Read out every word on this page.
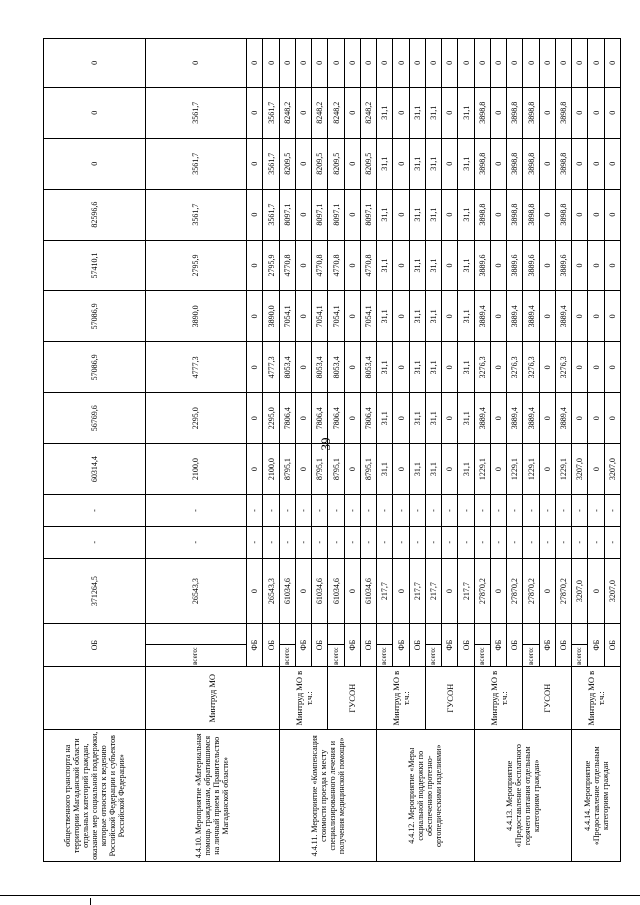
39
общественного транспорта на территории Магаданской области отдельных категорий граждан, оказание мер социальной поддержки, которые относятся к ведению Российской Федерации и субъектов Российской Федерации»		ОБ		371264,5	-	-	60314,4	56769,6	57086,9	57086,9	57410,1	82596,6	0	0	0
4.4.10. Мероприятие «Материальная помощь гражданам, обратившимся на личный прием в Правительство Магаданской области»	Минтруд МО	всего:		26543,3	-	-	2100,0	2295,0	4777,3	3890,0	2795,9	3561,7	3561,7	3561,7	0
		ФБ		0	-	-	0	0	0	0	0	0	0	0	0
		ОБ		26543,3	-	-	2100,0	2295,0	4777,3	3890,0	2795,9	3561,7	3561,7	3561,7	0
4.4.11. Мероприятие «Компенсация стоимости проезда к месту специализированного лечения и получения медицинской помощи»	Минтруд МО в т.ч.:	всего:		61034,6	-	-	8795,1	7806,4	8053,4	7054,1	4770,8	8097,1	8209,5	8248,2	0
		ФБ		0	-	-	0	0	0	0	0	0	0	0	0
		ОБ		61034,6	-	-	8795,1	7806,4	8053,4	7054,1	4770,8	8097,1	8209,5	8248,2	0
	ГУСОН	всего:		61034,6	-	-	8795,1	7806,4	8053,4	7054,1	4770,8	8097,1	8209,5	8248,2	0
		ФБ		0	-	-	0	0	0	0	0	0	0	0	0
		ОБ		61034,6	-	-	8795,1	7806,4	8053,4	7054,1	4770,8	8097,1	8209,5	8248,2	0
4.4.12. Мероприятие «Меры социальной поддержки по обеспечению протезно-ортопедическими изделиями»	Минтруд МО в т.ч.:	всего:		217,7	-	-	31,1	31,1	31,1	31,1	31,1	31,1	31,1	31,1	0
		ФБ		0	-	-	0	0	0	0	0	0	0	0	0
		ОБ		217,7	-	-	31,1	31,1	31,1	31,1	31,1	31,1	31,1	31,1	0
	ГУСОН	всего:		217,7	-	-	31,1	31,1	31,1	31,1	31,1	31,1	31,1	31,1	0
		ФБ		0	-	-	0	0	0	0	0	0	0	0	0
		ОБ		217,7	-	-	31,1	31,1	31,1	31,1	31,1	31,1	31,1	31,1	0
4.4.13. Мероприятие «Предоставление бесплатного горячего питания отдельным категориям граждан»	Минтруд МО в т.ч.:	всего:		27870,2	-	-	1229,1	3889,4	3276,3	3889,4	3889,6	3898,8	3898,8	3898,8	0
		ФБ		0	-	-	0	0	0	0	0	0	0	0	0
		ОБ		27870,2	-	-	1229,1	3889,4	3276,3	3889,4	3889,6	3898,8	3898,8	3898,8	0
	ГУСОН	всего:		27870,2	-	-	1229,1	3889,4	3276,3	3889,4	3889,6	3898,8	3898,8	3898,8	0
		ФБ		0	-	-	0	0	0	0	0	0	0	0	0
		ОБ		27870,2	-	-	1229,1	3889,4	3276,3	3889,4	3889,6	3898,8	3898,8	3898,8	0
4.4.14. Мероприятие «Предоставление отдельным категориям граждан	Минтруд МО в т.ч.:	всего:		3207,0	-	-	3207,0	0	0	0	0	0	0	0	0
		ФБ		0	-	-	0	0	0	0	0	0	0	0	0
		ОБ		3207,0	-	-	3207,0	0	0	0	0	0	0	0	0
